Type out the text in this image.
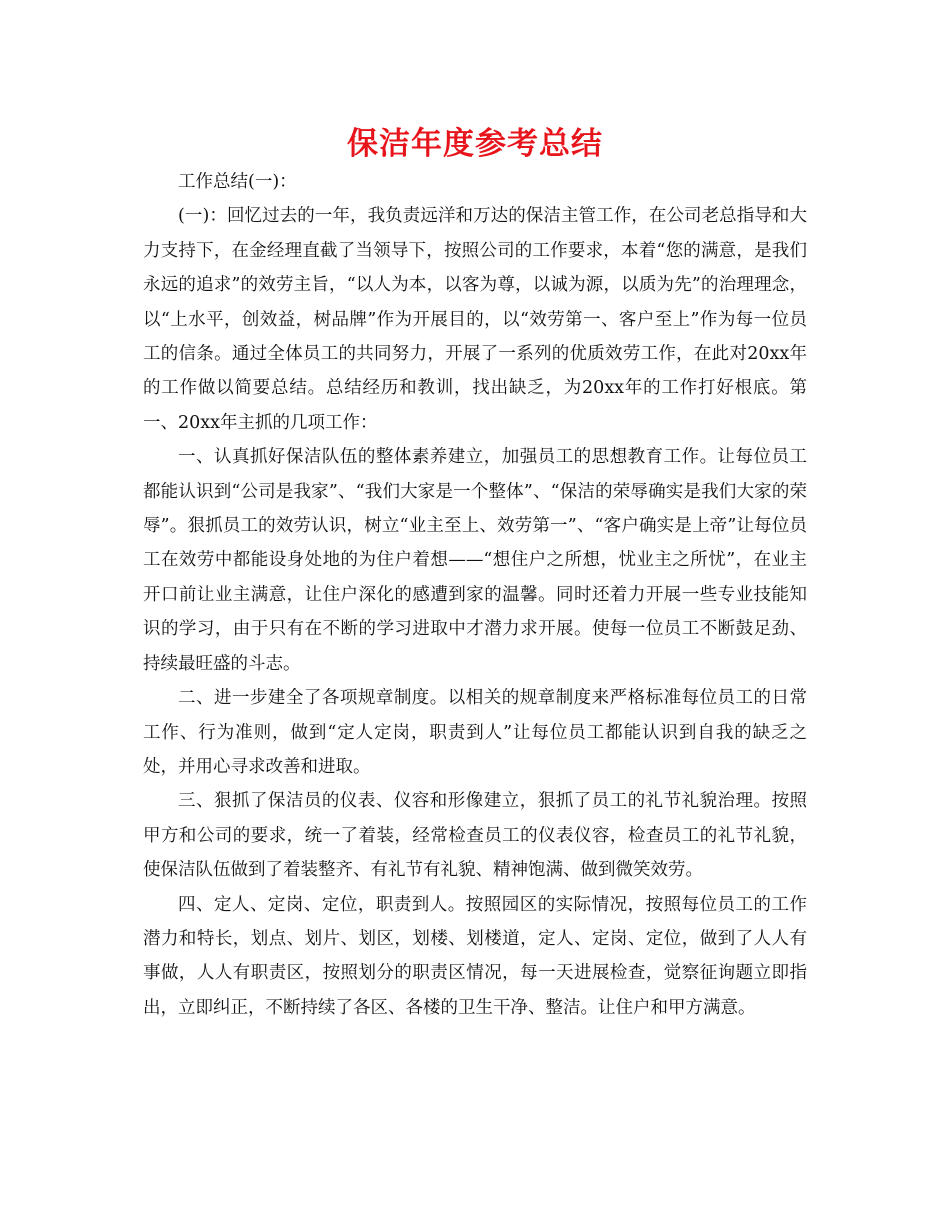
保洁年度参考总结

工作总结(一)：

(一)：回忆过去的一年，我负责远洋和万达的保洁主管工作，在公司老总指导和大力支持下，在金经理直截了当领导下，按照公司的工作要求，本着“您的满意，是我们永远的追求”的效劳主旨，“以人为本，以客为尊，以诚为源，以质为先”的治理理念，以“上水平，创效益，树品牌”作为开展目的，以“效劳第一、客户至上”作为每一位员工的信条。通过全体员工的共同努力，开展了一系列的优质效劳工作，在此对20xx年的工作做以简要总结。总结经历和教训，找出缺乏，为20xx年的工作打好根底。第一、20xx年主抓的几项工作：

一、认真抓好保洁队伍的整体素养建立，加强员工的思想教育工作。让每位员工都能认识到“公司是我家”、“我们大家是一个整体”、“保洁的荣辱确实是我们大家的荣辱”。狠抓员工的效劳认识，树立“业主至上、效劳第一”、“客户确实是上帝”让每位员工在效劳中都能设身处地的为住户着想——“想住户之所想，忧业主之所忧”，在业主开口前让业主满意，让住户深化的感遭到家的温馨。同时还着力开展一些专业技能知识的学习，由于只有在不断的学习进取中才潜力求开展。使每一位员工不断鼓足劲、持续最旺盛的斗志。

二、进一步建全了各项规章制度。以相关的规章制度来严格标准每位员工的日常工作、行为准则，做到“定人定岗，职责到人”让每位员工都能认识到自我的缺乏之处，并用心寻求改善和进取。

三、狠抓了保洁员的仪表、仪容和形像建立，狠抓了员工的礼节礼貌治理。按照甲方和公司的要求，统一了着装，经常检查员工的仪表仪容，检查员工的礼节礼貌，使保洁队伍做到了着装整齐、有礼节有礼貌、精神饱满、做到微笑效劳。

四、定人、定岗、定位，职责到人。按照园区的实际情况，按照每位员工的工作潜力和特长，划点、划片、划区，划楼、划楼道，定人、定岗、定位，做到了人人有事做，人人有职责区，按照划分的职责区情况，每一天进展检查，觉察征询题立即指出，立即纠正，不断持续了各区、各楼的卫生干净、整洁。让住户和甲方满意。
